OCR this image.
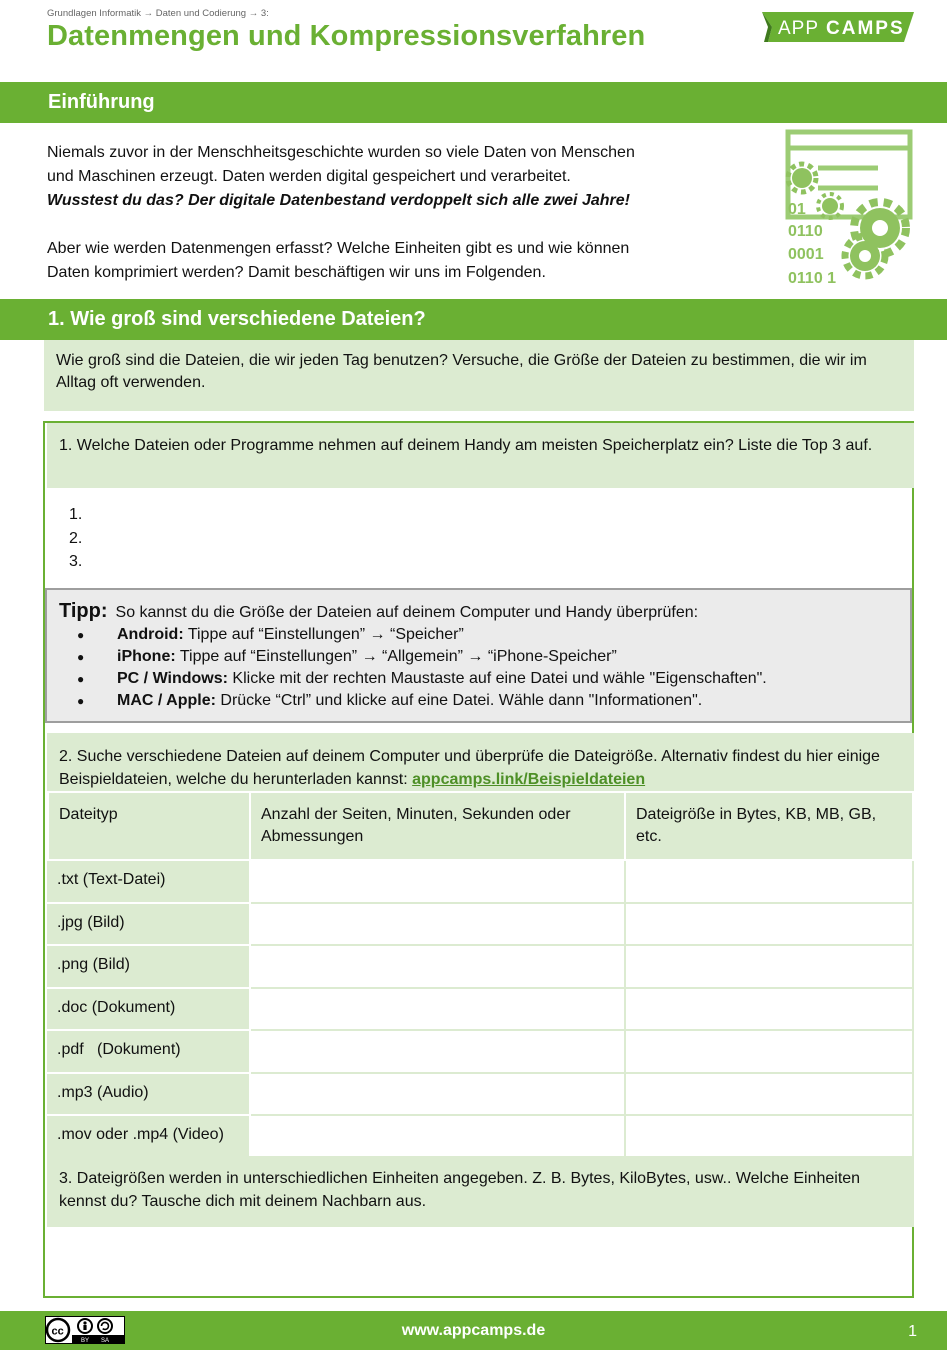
Grundlagen Informatik → Daten und Codierung → 3:
Datenmengen und Kompressionsverfahren	APP CAMPS
Einführung

Niemals zuvor in der Menschheitsgeschichte wurden so viele Daten von Menschen

und Maschinen erzeugt. Daten werden digital gespeichert und verarbeitet.

Wusstest du das? Der digitale Datenbestand verdoppelt sich alle zwei Jahre!

Aber wie werden Datenmengen erfasst? Welche Einheiten gibt es und wie können

Daten komprimiert werden? Damit beschäftigen wir uns im Folgenden.

01
0110
0001
0110 1
1. Wie groß sind verschiedene Dateien?
Wie groß sind die Dateien, die wir jeden Tag benutzen? Versuche, die Größe der Dateien zu bestimmen, die wir im Alltag oft verwenden.
1. Welche Dateien oder Programme nehmen auf deinem Handy am meisten Speicherplatz ein? Liste die Top 3 auf.
1.
2.
3.
Tipp: So kannst du die Größe der Dateien auf deinem Computer und Handy überprüfen:
● Android: Tippe auf “Einstellungen” → “Speicher”
● iPhone: Tippe auf “Einstellungen” → “Allgemein” → “iPhone-Speicher”
● PC / Windows: Klicke mit der rechten Maustaste auf eine Datei und wähle "Eigenschaften".
● MAC / Apple: Drücke “Ctrl” und klicke auf eine Datei. Wähle dann "Informationen".
2. Suche verschiedene Dateien auf deinem Computer und überprüfe die Dateigröße. Alternativ findest du hier einige Beispieldateien, welche du herunterladen kannst: appcamps.link/Beispieldateien
Dateityp	Anzahl der Seiten, Minuten, Sekunden oder Abmessungen	Dateigröße in Bytes, KB, MB, GB, etc.
.txt (Text-Datei)		
.jpg (Bild)		
.png (Bild)		
.doc (Dokument)		
.pdf   (Dokument)		
.mp3 (Audio)		
.mov oder .mp4 (Video)		
3. Dateigrößen werden in unterschiedlichen Einheiten angegeben. Z. B. Bytes, KiloBytes, usw.. Welche Einheiten kennst du? Tausche dich mit deinem Nachbarn aus.
cc
BY SA
www.appcamps.de	1
